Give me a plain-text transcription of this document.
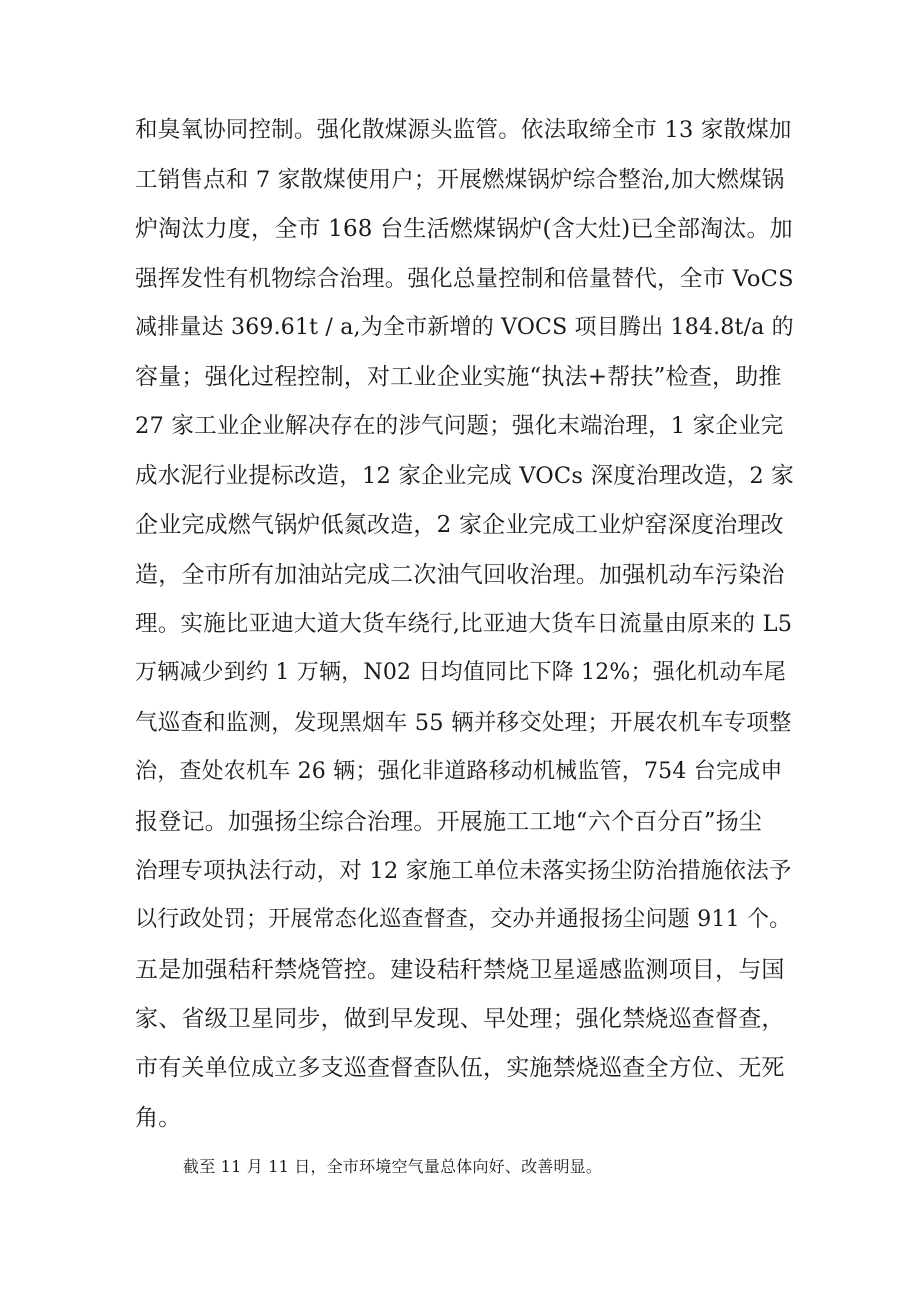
和臭氧协同控制。强化散煤源头监管。依法取缔全市 13 家散煤加
工销售点和 7 家散煤使用户；开展燃煤锅炉综合整治,加大燃煤锅
炉淘汰力度，全市 168 台生活燃煤锅炉(含大灶)已全部淘汰。加
强挥发性有机物综合治理。强化总量控制和倍量替代，全市 VoCS
减排量达 369.61t / a,为全市新增的 VOCS 项目腾出 184.8t/a 的
容量；强化过程控制，对工业企业实施“执法+帮扶”检查，助推
27 家工业企业解决存在的涉气问题；强化末端治理，1 家企业完
成水泥行业提标改造，12 家企业完成 VOCs 深度治理改造，2 家
企业完成燃气锅炉低氮改造，2 家企业完成工业炉窑深度治理改
造，全市所有加油站完成二次油气回收治理。加强机动车污染治
理。实施比亚迪大道大货车绕行,比亚迪大货车日流量由原来的 L5
万辆减少到约 1 万辆，N02 日均值同比下降 12%；强化机动车尾
气巡查和监测，发现黑烟车 55 辆并移交处理；开展农机车专项整
治，查处农机车 26 辆；强化非道路移动机械监管，754 台完成申
报登记。加强扬尘综合治理。开展施工工地“六个百分百”扬尘
治理专项执法行动，对 12 家施工单位未落实扬尘防治措施依法予
以行政处罚；开展常态化巡查督查，交办并通报扬尘问题 911 个。
五是加强秸秆禁烧管控。建设秸秆禁烧卫星遥感监测项目，与国
家、省级卫星同步，做到早发现、早处理；强化禁烧巡查督查，
市有关单位成立多支巡查督查队伍，实施禁烧巡查全方位、无死
角。
截至 11 月 11 日，全市环境空气量总体向好、改善明显。
